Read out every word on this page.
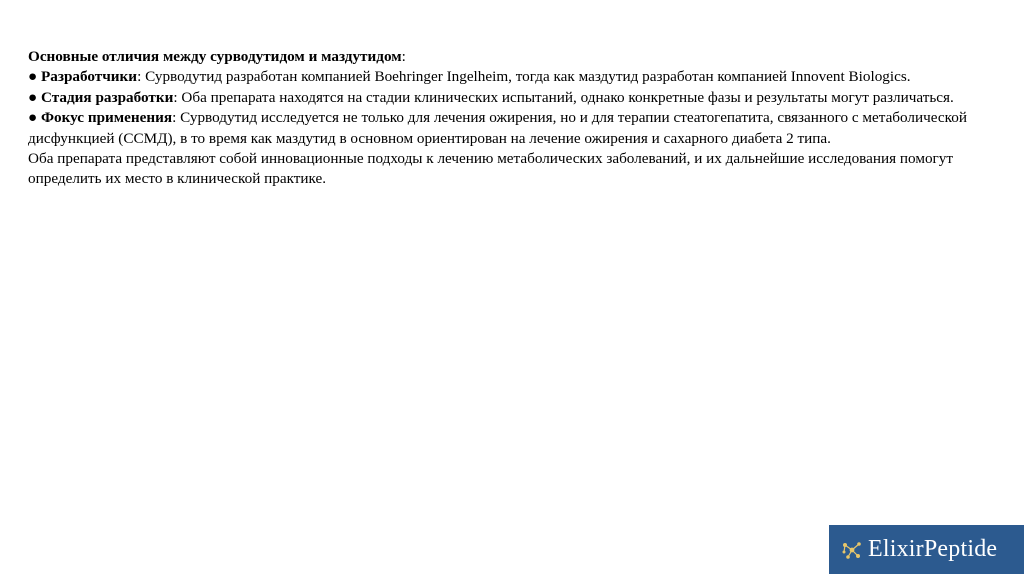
Основные отличия между сурводутидом и маздутидом:

● Разработчики: Сурводутид разработан компанией Boehringer Ingelheim, тогда как маздутид разработан компанией Innovent Biologics.

● Стадия разработки: Оба препарата находятся на стадии клинических испытаний, однако конкретные фазы и результаты могут различаться.

● Фокус применения: Сурводутид исследуется не только для лечения ожирения, но и для терапии стеатогепатита, связанного с метаболической дисфункцией (ССМД), в то время как маздутид в основном ориентирован на лечение ожирения и сахарного диабета 2 типа.

Оба препарата представляют собой инновационные подходы к лечению метаболических заболеваний, и их дальнейшие исследования помогут определить их место в клинической практике.

ElixirPeptide
